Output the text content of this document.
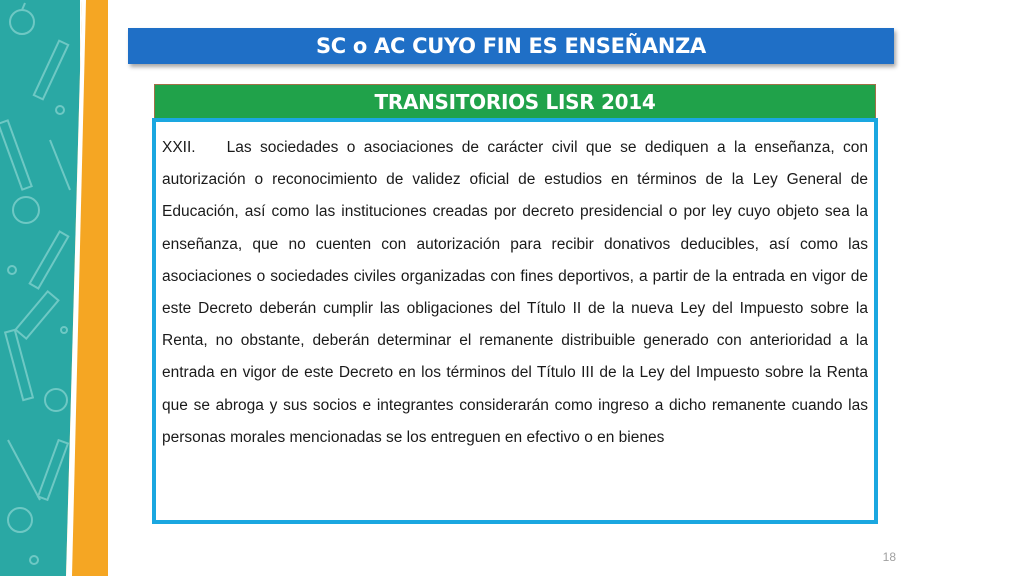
SC o AC CUYO FIN ES ENSEÑANZA
TRANSITORIOS LISR 2014

XXII.  Las sociedades o asociaciones de carácter civil que se dediquen a la enseñanza, con autorización o reconocimiento de validez oficial de estudios en términos de la Ley General de Educación, así como las instituciones creadas por decreto presidencial o por ley cuyo objeto sea la enseñanza, que no cuenten con autorización para recibir donativos deducibles, así como las asociaciones o sociedades civiles organizadas con fines deportivos, a partir de la entrada en vigor de este Decreto deberán cumplir las obligaciones del Título II de la nueva Ley del Impuesto sobre la Renta, no obstante, deberán determinar el remanente distribuible generado con anterioridad a la entrada en vigor de este Decreto en los términos del Título III de la Ley del Impuesto sobre la Renta que se abroga y sus socios e integrantes considerarán como ingreso a dicho remanente cuando las personas morales mencionadas se los entreguen en efectivo o en bienes

18
